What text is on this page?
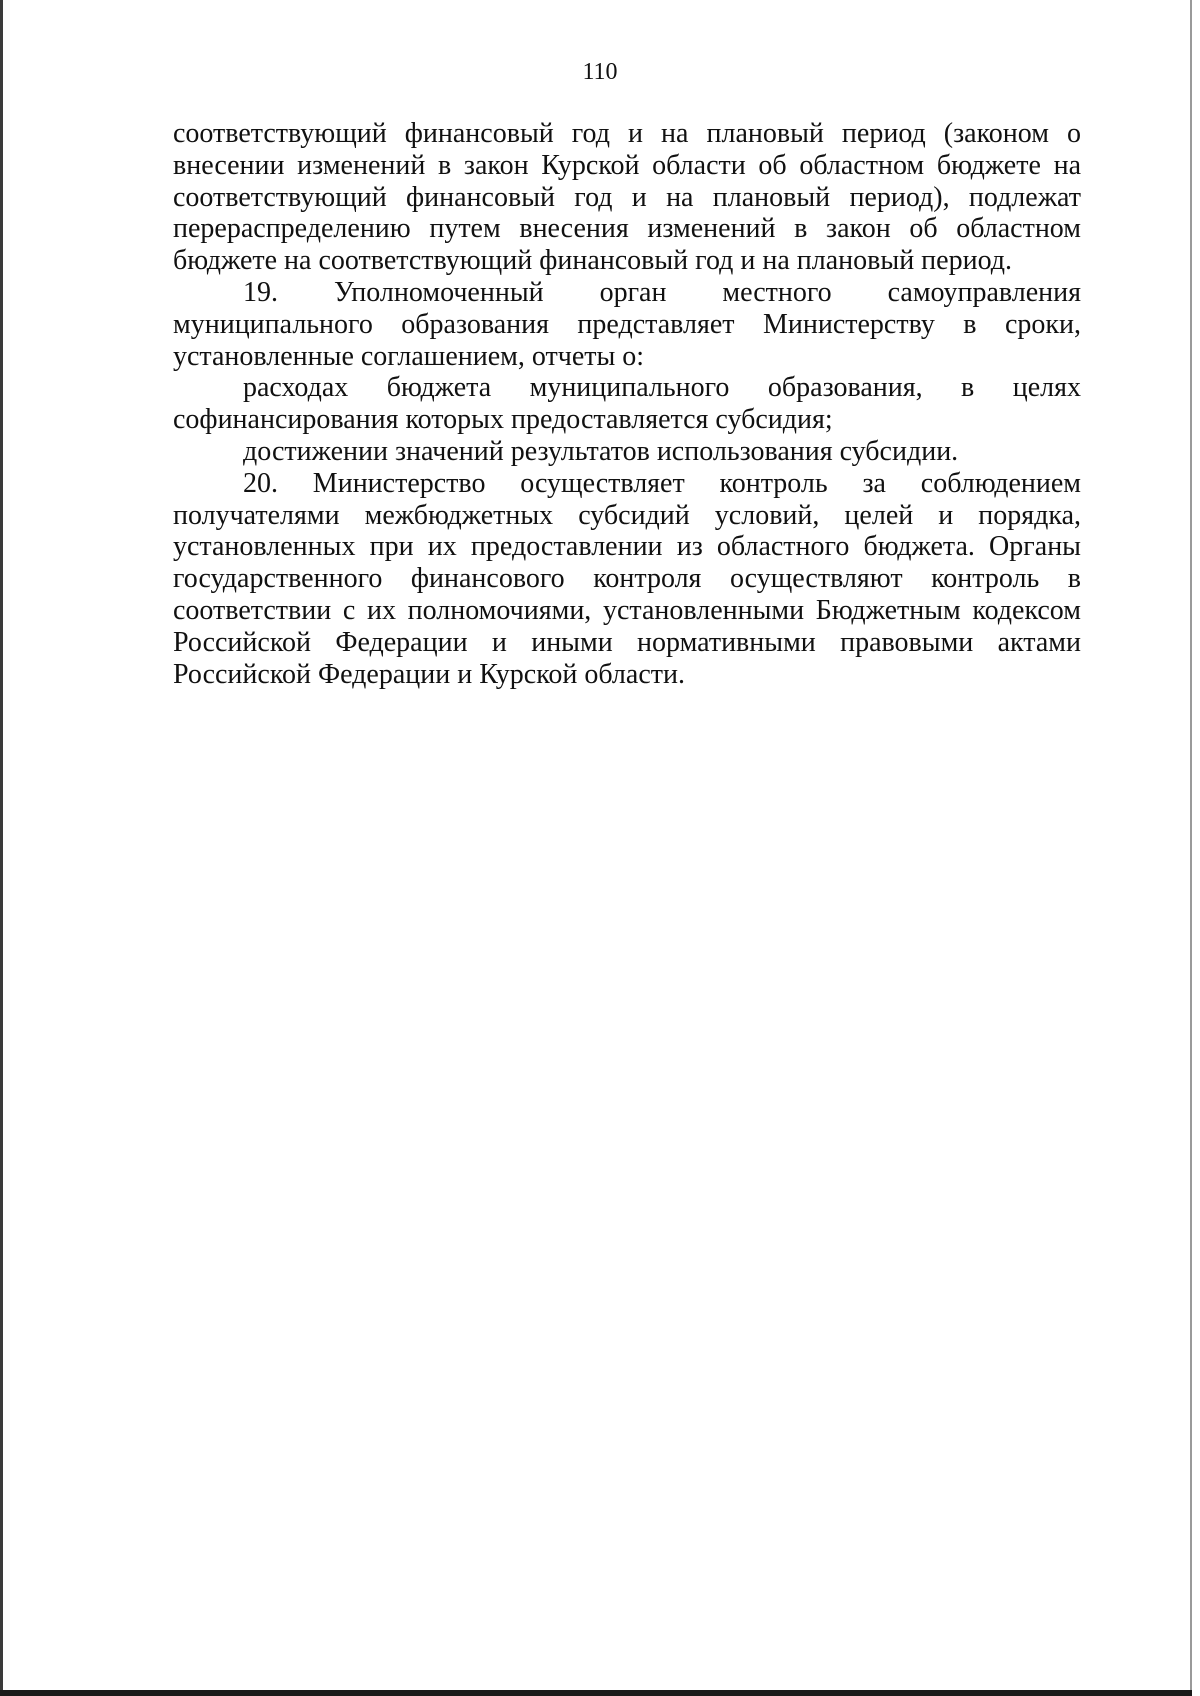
110

соответствующий финансовый год и на плановый период (законом о внесении изменений в закон Курской области об областном бюджете на соответствующий финансовый год и на плановый период), подлежат перераспределению путем внесения изменений в закон об областном бюджете на соответствующий финансовый год и на плановый период.

19. Уполномоченный орган местного самоуправления муниципального образования представляет Министерству в сроки, установленные соглашением, отчеты о:

расходах бюджета муниципального образования, в целях софинансирования которых предоставляется субсидия;

достижении значений результатов использования субсидии.

20. Министерство осуществляет контроль за соблюдением получателями межбюджетных субсидий условий, целей и порядка, установленных при их предоставлении из областного бюджета. Органы государственного финансового контроля осуществляют контроль в соответствии с их полномочиями, установленными Бюджетным кодексом Российской Федерации и иными нормативными правовыми актами Российской Федерации и Курской области.
